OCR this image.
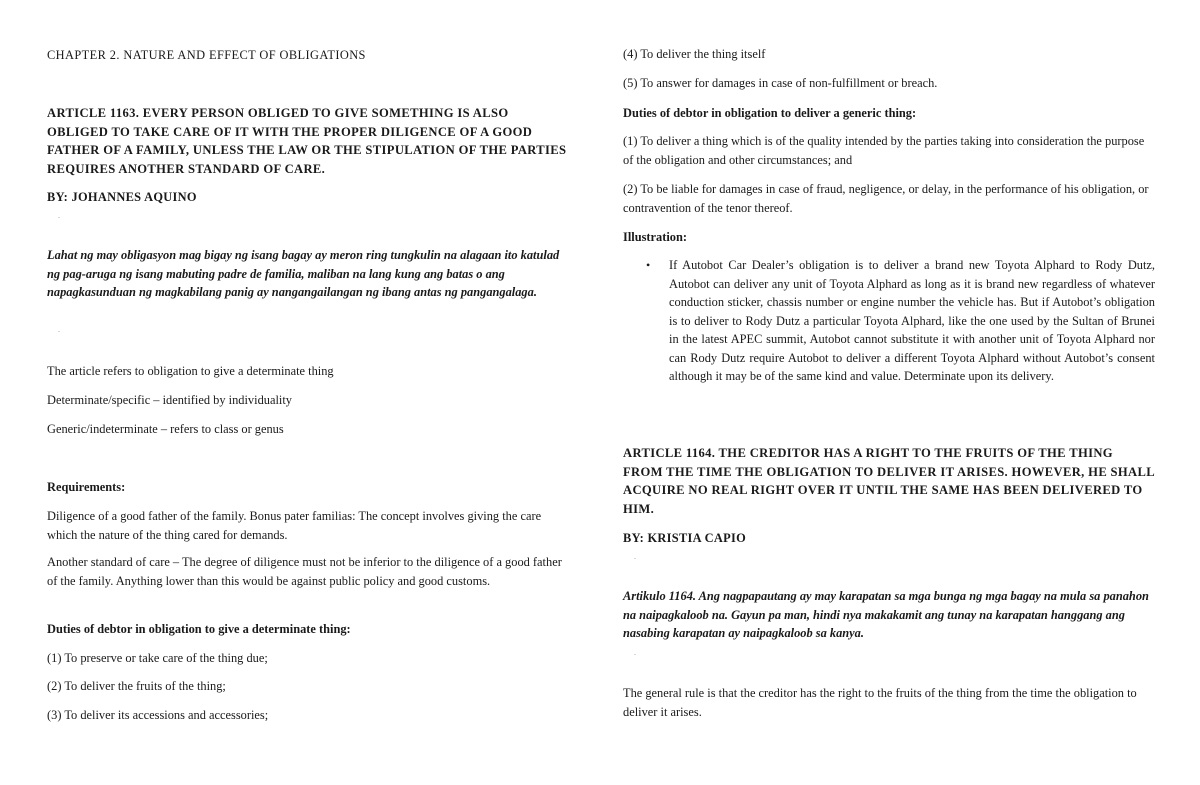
CHAPTER 2. NATURE AND EFFECT OF OBLIGATIONS
ARTICLE 1163. EVERY PERSON OBLIGED TO GIVE SOMETHING IS ALSO OBLIGED TO TAKE CARE OF IT WITH THE PROPER DILIGENCE OF A GOOD FATHER OF A FAMILY, UNLESS THE LAW OR THE STIPULATION OF THE PARTIES REQUIRES ANOTHER STANDARD OF CARE.
BY: JOHANNES AQUINO
.
Lahat ng may obligasyon mag bigay ng isang bagay ay meron ring tungkulin na alagaan ito katulad ng pag-aruga ng isang mabuting padre de familia, maliban na lang kung ang batas o ang napagkasunduan ng magkabilang panig ay nangangailangan ng ibang antas ng pangangalaga.
.
The article refers to obligation to give a determinate thing
Determinate/specific – identified by individuality
Generic/indeterminate – refers to class or genus
Requirements:
Diligence of a good father of the family. Bonus pater familias: The concept involves giving the care which the nature of the thing cared for demands.
Another standard of care – The degree of diligence must not be inferior to the diligence of a good father of the family. Anything lower than this would be against public policy and good customs.
Duties of debtor in obligation to give a determinate thing:
(1) To preserve or take care of the thing due;
(2) To deliver the fruits of the thing;
(3) To deliver its accessions and accessories;
(4) To deliver the thing itself
(5) To answer for damages in case of non-fulfillment or breach.
Duties of debtor in obligation to deliver a generic thing:
(1) To deliver a thing which is of the quality intended by the parties taking into consideration the purpose of the obligation and other circumstances; and
(2) To be liable for damages in case of fraud, negligence, or delay, in the performance of his obligation, or contravention of the tenor thereof.
Illustration:
• If Autobot Car Dealer’s obligation is to deliver a brand new Toyota Alphard to Rody Dutz, Autobot can deliver any unit of Toyota Alphard as long as it is brand new regardless of whatever conduction sticker, chassis number or engine number the vehicle has. But if Autobot’s obligation is to deliver to Rody Dutz a particular Toyota Alphard, like the one used by the Sultan of Brunei in the latest APEC summit, Autobot cannot substitute it with another unit of Toyota Alphard nor can Rody Dutz require Autobot to deliver a different Toyota Alphard without Autobot’s consent although it may be of the same kind and value. Determinate upon its delivery.
ARTICLE 1164. THE CREDITOR HAS A RIGHT TO THE FRUITS OF THE THING FROM THE TIME THE OBLIGATION TO DELIVER IT ARISES. HOWEVER, HE SHALL ACQUIRE NO REAL RIGHT OVER IT UNTIL THE SAME HAS BEEN DELIVERED TO HIM.
BY: KRISTIA CAPIO
.
Artikulo 1164. Ang nagpapautang ay may karapatan sa mga bunga ng mga bagay na mula sa panahon na naipagkaloob na. Gayun pa man, hindi nya makakamit ang tunay na karapatan hanggang ang nasabing karapatan ay naipagkaloob sa kanya.
.
The general rule is that the creditor has the right to the fruits of the thing from the time the obligation to deliver it arises.
